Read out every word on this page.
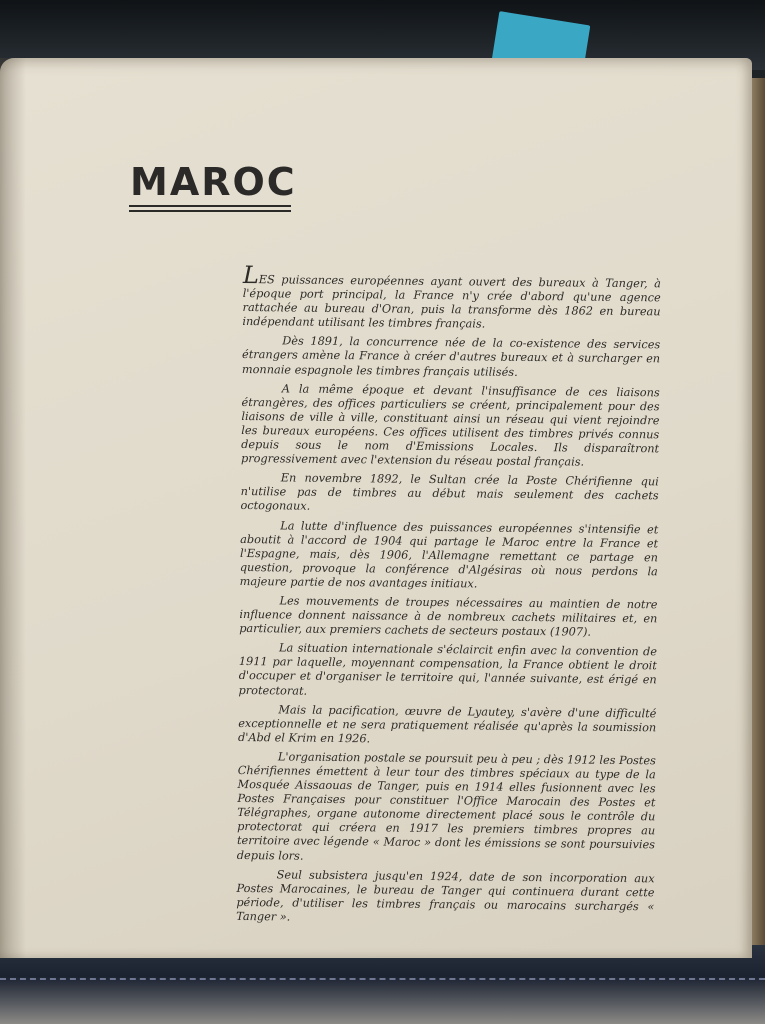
MAROC

LES puissances européennes ayant ouvert des bureaux à Tanger, à l'époque port principal, la France n'y crée d'abord qu'une agence rattachée au bureau d'Oran, puis la transforme dès 1862 en bureau indépendant utilisant les timbres français.

Dès 1891, la concurrence née de la co-existence des services étrangers amène la France à créer d'autres bureaux et à surcharger en monnaie espagnole les timbres français utilisés.

A la même époque et devant l'insuffisance de ces liaisons étrangères, des offices particuliers se créent, principalement pour des liaisons de ville à ville, constituant ainsi un réseau qui vient rejoindre les bureaux européens. Ces offices utilisent des timbres privés connus depuis sous le nom d'Emissions Locales. Ils disparaîtront progressivement avec l'extension du réseau postal français.

En novembre 1892, le Sultan crée la Poste Chérifienne qui n'utilise pas de timbres au début mais seulement des cachets octogonaux.

La lutte d'influence des puissances européennes s'intensifie et aboutit à l'accord de 1904 qui partage le Maroc entre la France et l'Espagne, mais, dès 1906, l'Allemagne remettant ce partage en question, provoque la conférence d'Algésiras où nous perdons la majeure partie de nos avantages initiaux.

Les mouvements de troupes nécessaires au maintien de notre influence donnent naissance à de nombreux cachets militaires et, en particulier, aux premiers cachets de secteurs postaux (1907).

La situation internationale s'éclaircit enfin avec la convention de 1911 par laquelle, moyennant compensation, la France obtient le droit d'occuper et d'organiser le territoire qui, l'année suivante, est érigé en protectorat.

Mais la pacification, œuvre de Lyautey, s'avère d'une difficulté exceptionnelle et ne sera pratiquement réalisée qu'après la soumission d'Abd el Krim en 1926.

L'organisation postale se poursuit peu à peu ; dès 1912 les Postes Chérifiennes émettent à leur tour des timbres spéciaux au type de la Mosquée Aissaouas de Tanger, puis en 1914 elles fusionnent avec les Postes Françaises pour constituer l'Office Marocain des Postes et Télégraphes, organe autonome directement placé sous le contrôle du protectorat qui créera en 1917 les premiers timbres propres au territoire avec légende « Maroc » dont les émissions se sont poursuivies depuis lors.

Seul subsistera jusqu'en 1924, date de son incorporation aux Postes Marocaines, le bureau de Tanger qui continuera durant cette période, d'utiliser les timbres français ou marocains surchargés « Tanger ».
